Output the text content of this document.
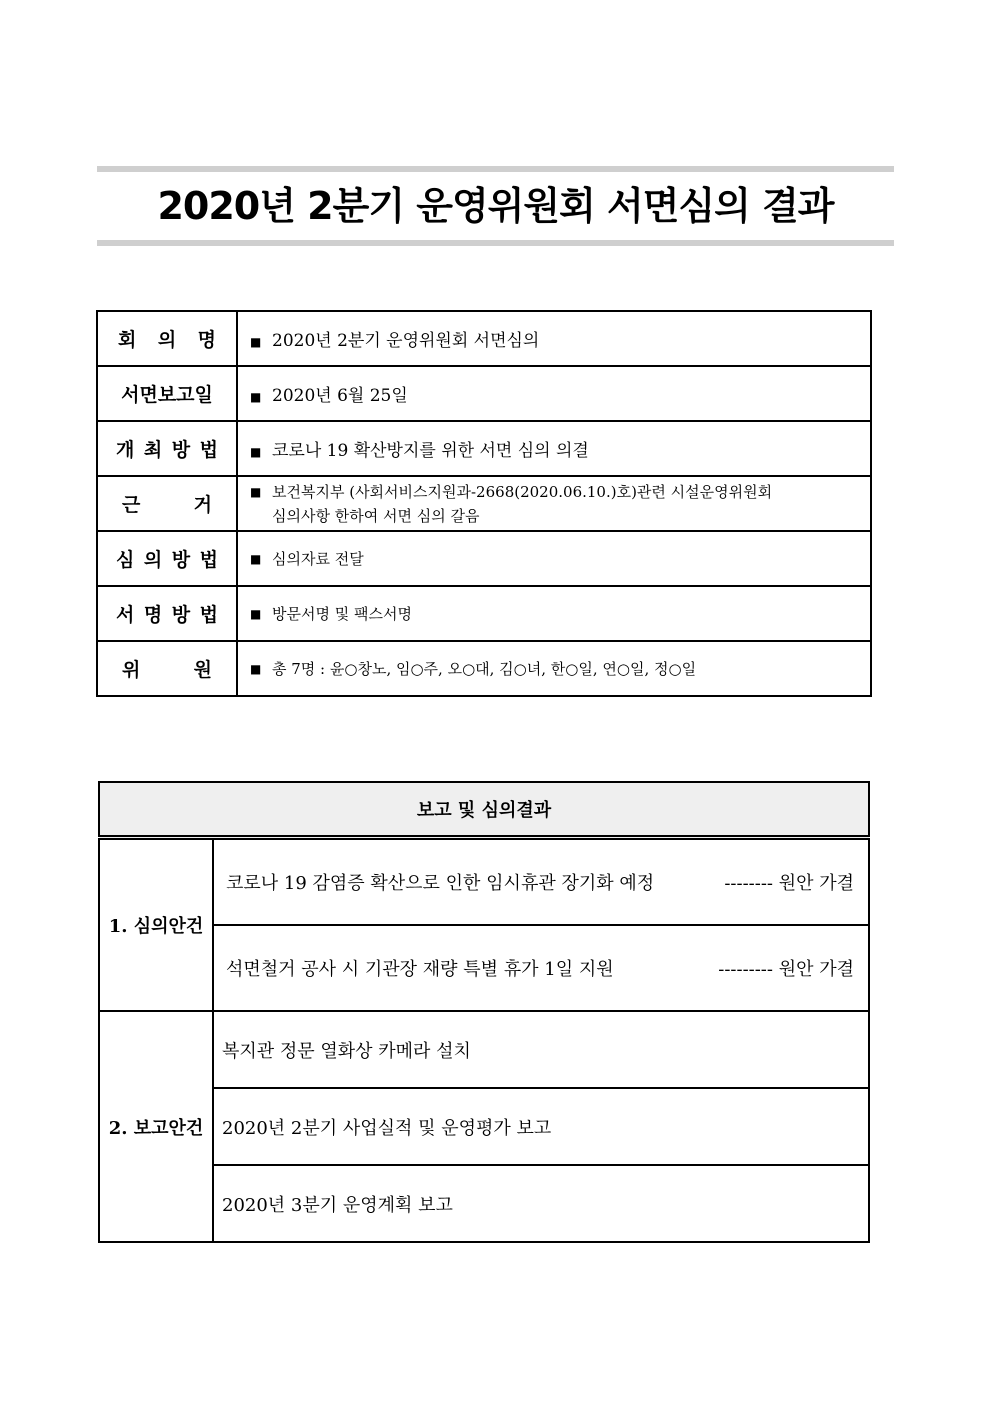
2020년 2분기 운영위원회 서면심의 결과
회 의 명	■ 2020년 2분기 운영위원회 서면심의
서면보고일	■ 2020년 6월 25일

개 최 방 법	■ 코로나 19 확산방지를 위한 서면 심의 의결

근 거	■ 보건복지부 (사회서비스지원과-2668(2020.06.10.)호)관련 시설운영위원회
심의사항 한하여 서면 심의 갈음

심 의 방 법	■ 심의자료 전달

서 명 방 법	■ 방문서명 및 팩스서명

위 원	■ 총 7명 : 윤○창노, 임○주, 오○대, 김○녀, 한○일, 연○일, 정○일
보고 및 심의결과	
1. 심의안건	코로나 19 감염증 확산으로 인한 임시휴관 장기화 예정 -------- 원안 가결

	석면철거 공사 시 기관장 재량 특별 휴가 1일 지원 --------- 원안 가결

2. 보고안건	복지관 정문 열화상 카메라 설치
	2020년 2분기 사업실적 및 운영평가 보고
	2020년 3분기 운영계획 보고
